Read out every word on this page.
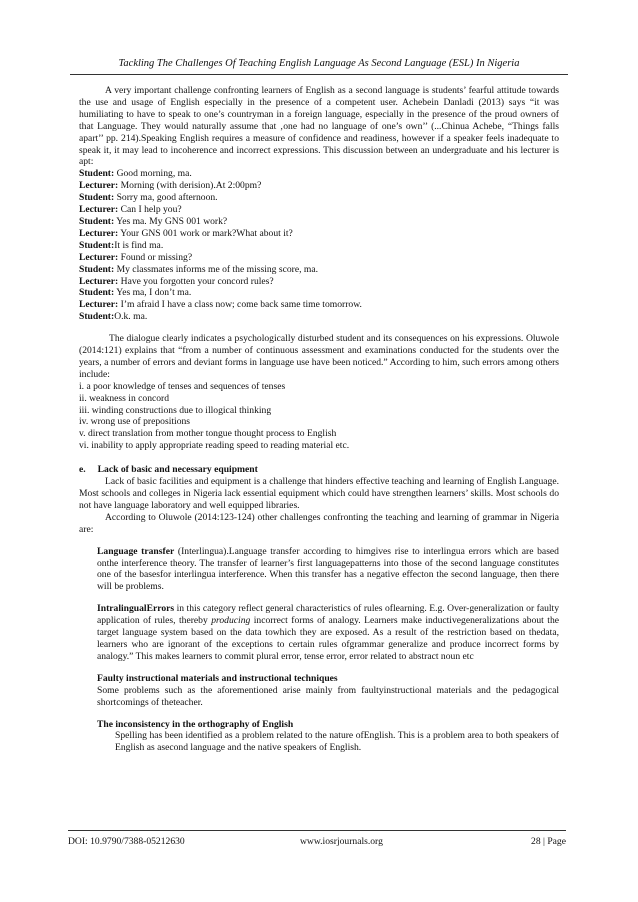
Tackling The Challenges Of Teaching English Language As Second Language (ESL) In Nigeria

A very important challenge confronting learners of English as a second language is students’ fearful attitude towards the use and usage of English especially in the presence of a competent user. Achebein Danladi (2013) says “it was humiliating to have to speak to one’s countryman in a foreign language, especially in the presence of the proud owners of that Language. They would naturally assume that ‚one had no language of one’s own’’ (...Chinua Achebe, “Things falls apart’’ pp. 214).Speaking English requires a measure of confidence and readiness, however if a speaker feels inadequate to speak it, it may lead to incoherence and incorrect expressions. This discussion between an undergraduate and his lecturer is apt:

Student: Good morning, ma.

Lecturer: Morning (with derision).At 2:00pm?

Student: Sorry ma, good afternoon.

Lecturer: Can I help you?

Student: Yes ma. My GNS 001 work?

Lecturer: Your GNS 001 work or mark?What about it?

Student:It is find ma.

Lecturer: Found or missing?

Student: My classmates informs me of the missing score, ma.

Lecturer: Have you forgotten your concord rules?

Student: Yes ma, I don’t ma.

Lecturer: I’m afraid I have a class now; come back same time tomorrow.

Student:O.k. ma.

The dialogue clearly indicates a psychologically disturbed student and its consequences on his expressions. Oluwole (2014:121) explains that “from a number of continuous assessment and examinations conducted for the students over the years, a number of errors and deviant forms in language use have been noticed.” According to him, such errors among others include:

i. a poor knowledge of tenses and sequences of tenses

ii. weakness in concord

iii. winding constructions due to illogical thinking

iv. wrong use of prepositions

v. direct translation from mother tongue thought process to English

vi. inability to apply appropriate reading speed to reading material etc.

e.     Lack of basic and necessary equipment

Lack of basic facilities and equipment is a challenge that hinders effective teaching and learning of English Language. Most schools and colleges in Nigeria lack essential equipment which could have strengthen learners’ skills. Most schools do not have language laboratory and well equipped libraries.

According to Oluwole (2014:123-124) other challenges confronting the teaching and learning of grammar in Nigeria are:

Language transfer (Interlingua).Language transfer according to himgives rise to interlingua errors which are based onthe interference theory. The transfer of learner’s first languagepatterns into those of the second language constitutes one of the basesfor interlingua interference. When this transfer has a negative effecton the second language, then there will be problems.

IntralingualErrors in this category reflect general characteristics of rules oflearning. E.g. Over-generalization or faulty application of rules, thereby producing incorrect forms of analogy. Learners make inductivegeneralizations about the target language system based on the data towhich they are exposed. As a result of the restriction based on thedata, learners who are ignorant of the exceptions to certain rules ofgrammar generalize and produce incorrect forms by analogy.” This makes learners to commit plural error, tense error, error related to abstract noun etc

Faulty instructional materials and instructional techniques

Some problems such as the aforementioned arise mainly from faultyinstructional materials and the pedagogical shortcomings of theteacher.

The inconsistency in the orthography of English

Spelling has been identified as a problem related to the nature ofEnglish. This is a problem area to both speakers of English as asecond language and the native speakers of English.

DOI: 10.9790/7388-05212630	www.iosrjournals.org	28 | Page
